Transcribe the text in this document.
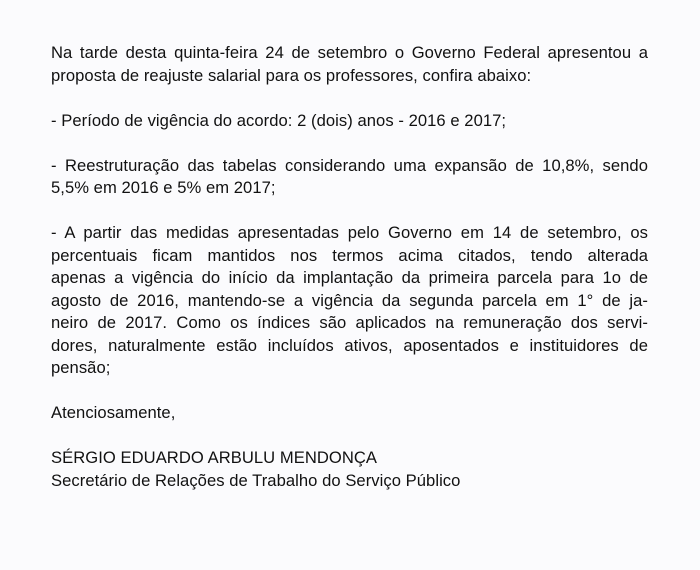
Na tarde desta quinta-feira 24 de setembro o Governo Federal apresentou a proposta de reajuste salarial para os professores, confira abaixo:

- Período de vigência do acordo: 2 (dois) anos - 2016 e 2017;

- Reestruturação das tabelas considerando uma expansão de 10,8%, sendo 5,5% em 2016 e 5% em 2017;

- A partir das medidas apresentadas pelo Governo em 14 de setembro, os
percentuais ficam mantidos nos termos acima citados, tendo alterada
apenas a vigência do início da implantação da primeira parcela para 1o de
agosto de 2016, mantendo-se a vigência da segunda parcela em 1° de ja-
neiro de 2017. Como os índices são aplicados na remuneração dos servi-
dores, naturalmente estão incluídos ativos, aposentados e instituidores de
pensão;

Atenciosamente,

SÉRGIO EDUARDO ARBULU MENDONÇA

Secretário de Relações de Trabalho do Serviço Público
